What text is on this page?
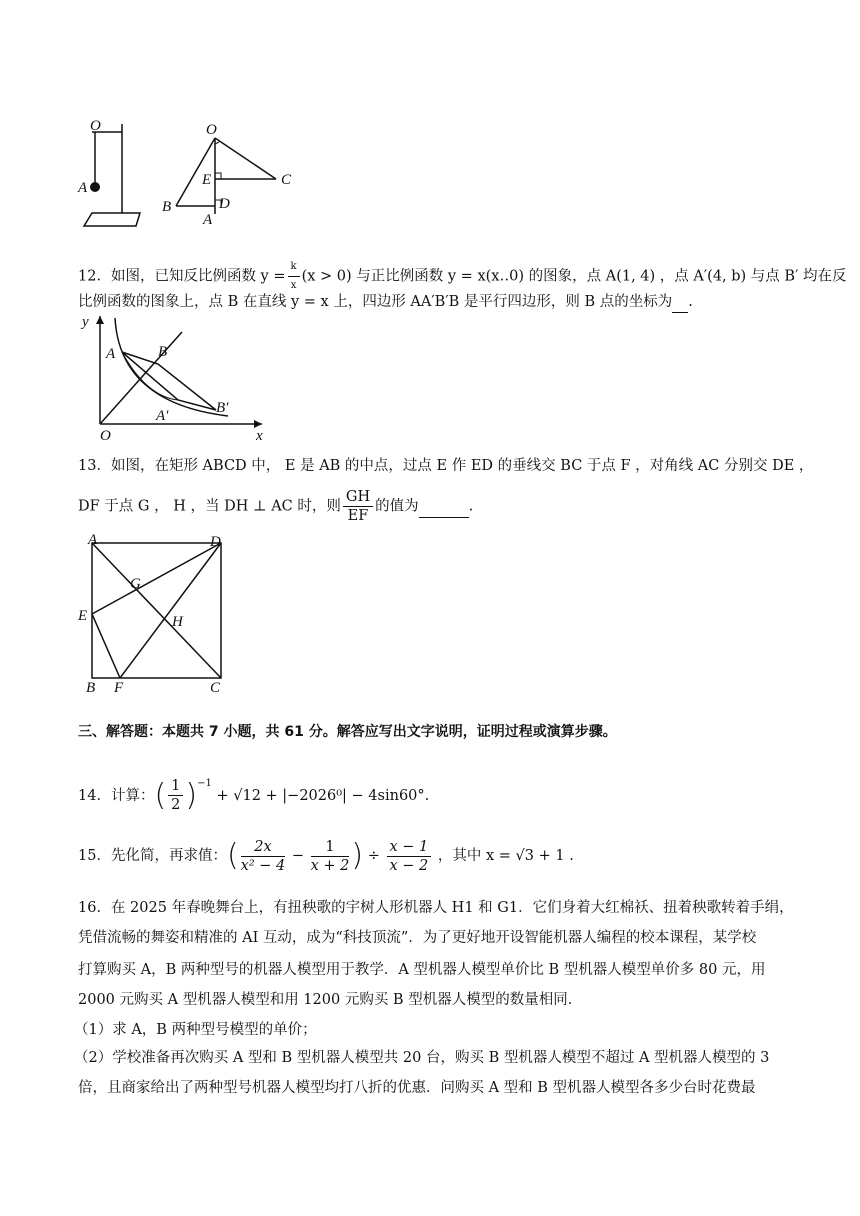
O
A
O
E	C
B	D
A
12．如图，已知反比例函数 $y = \frac{k}{x} (x > 0)$ 与正比例函数 y = x(x‥0) 的图象，点 A(1, 4) ，点 A′(4, b) 与点 B′ 均在反
比例函数的图象上，点 B 在直线 y = x 上，四边形 AA′B′B 是平行四边形，则 B 点的坐标为 .
y
x
O
A	B
A′	B′
13．如图，在矩形 ABCD 中， E 是 AB 的中点，过点 E 作 ED 的垂线交 BC 于点 F ，对角线 AC 分别交 DE ，
DF 于点 G ， H ，当 DH ⊥ AC 时，则 $\frac{GH}{EF}$ 的值为	.
A	D
G
E	H
B F	C
三、解答题：本题共 7 小题，共 61 分。解答应写出文字说明，证明过程或演算步骤。
14．计算：( $\frac{1}{2} )^{-1} + √12 + |-2026^0| - 4\sin 60^\circ$.
15．先化简，再求值：( $\frac{2x}{\text{x² − 4}} - \frac{1}{x + 2}$ ) ÷ $\frac{x - 1}{x - 2}$ ，其中 x = √3 + 1 .
16．在 2025 年春晚舞台上，有扭秧歌的宇树人形机器人 H1 和 G1．它们身着大红棉袄、扭着秧歌转着手绢，
凭借流畅的舞姿和精准的 AI 互动，成为“科技顶流”．为了更好地开设智能机器人编程的校本课程，某学校
打算购买 A，B 两种型号的机器人模型用于教学．A 型机器人模型单价比 B 型机器人模型单价多 80 元，用
2000 元购买 A 型机器人模型和用 1200 元购买 B 型机器人模型的数量相同．
（1）求 A，B 两种型号模型的单价；
（2）学校准备再次购买 A 型和 B 型机器人模型共 20 台，购买 B 型机器人模型不超过 A 型机器人模型的 3
倍，且商家给出了两种型号机器人模型均打八折的优惠．问购买 A 型和 B 型机器人模型各多少台时花费最
